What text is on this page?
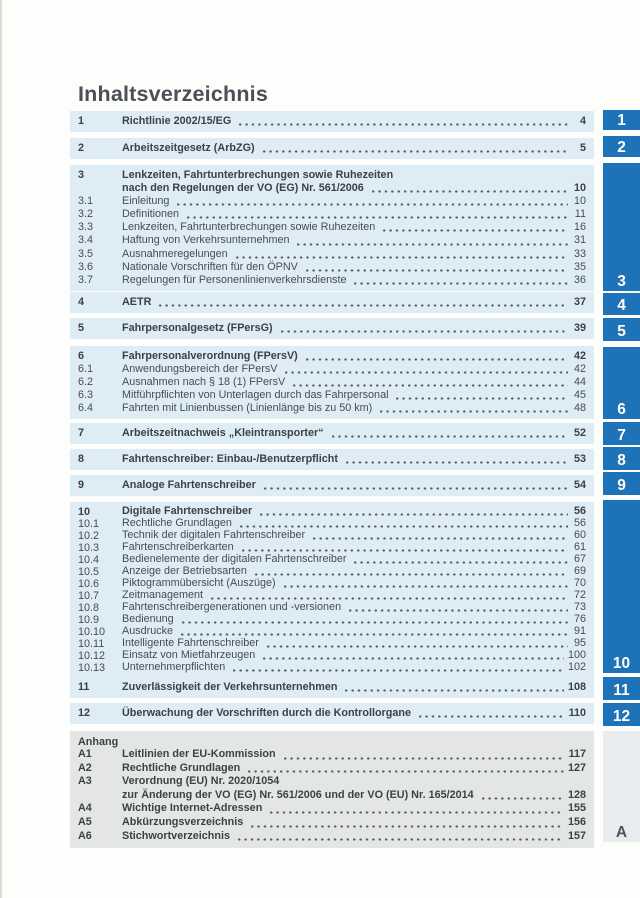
Inhaltsverzeichnis
1	Richtlinie 2002/15/EG	4
2	Arbeitszeitgesetz (ArbZG)	5
3	Lenkzeiten, Fahrtunterbrechungen sowie Ruhezeiten
nach den Regelungen der VO (EG) Nr. 561/2006	10
3.1	Einleitung	10
3.2	Definitionen	11
3.3	Lenkzeiten, Fahrtunterbrechungen sowie Ruhezeiten	16
3.4	Haftung von Verkehrsunternehmen	31
3.5	Ausnahmeregelungen	33
3.6	Nationale Vorschriften für den ÖPNV	35
3.7	Regelungen für Personenlinienverkehrsdienste	36
4	AETR	37
5	Fahrpersonalgesetz (FPersG)	39
6	Fahrpersonalverordnung (FPersV)	42
6.1	Anwendungsbereich der FPersV	42
6.2	Ausnahmen nach § 18 (1) FPersV	44
6.3	Mitführpflichten von Unterlagen durch das Fahrpersonal	45
6.4	Fahrten mit Linienbussen (Linienlänge bis zu 50 km)	48
7	Arbeitszeitnachweis „Kleintransporter“	52
8	Fahrtenschreiber: Einbau-/Benutzerpflicht	53
9	Analoge Fahrtenschreiber	54
10	Digitale Fahrtenschreiber	56
10.1	Rechtliche Grundlagen	56
10.2	Technik der digitalen Fahrtenschreiber	60
10.3	Fahrtenschreiberkarten	61
10.4	Bedienelemente der digitalen Fahrtenschreiber	67
10.5	Anzeige der Betriebsarten	69
10.6	Piktogrammübersicht (Auszüge)	70
10.7	Zeitmanagement	72
10.8	Fahrtenschreibergenerationen und -versionen	73
10.9	Bedienung	76
10.10	Ausdrucke	91
10.11	Intelligente Fahrtenschreiber	95
10.12	Einsatz von Mietfahrzeugen	100
10.13	Unternehmerpflichten	102
11	Zuverlässigkeit der Verkehrsunternehmen	108
12	Überwachung der Vorschriften durch die Kontrollorgane	110
Anhang
A1	Leitlinien der EU-Kommission	117
A2	Rechtliche Grundlagen	127
A3	Verordnung (EU) Nr. 2020/1054
zur Änderung der VO (EG) Nr. 561/2006 und der VO (EU) Nr. 165/2014	128
A4	Wichtige Internet-Adressen	155
A5	Abkürzungsverzeichnis	156
A6	Stichwortverzeichnis	157
1
2
3
4
5
6
7
8
9
10
11
12
A
